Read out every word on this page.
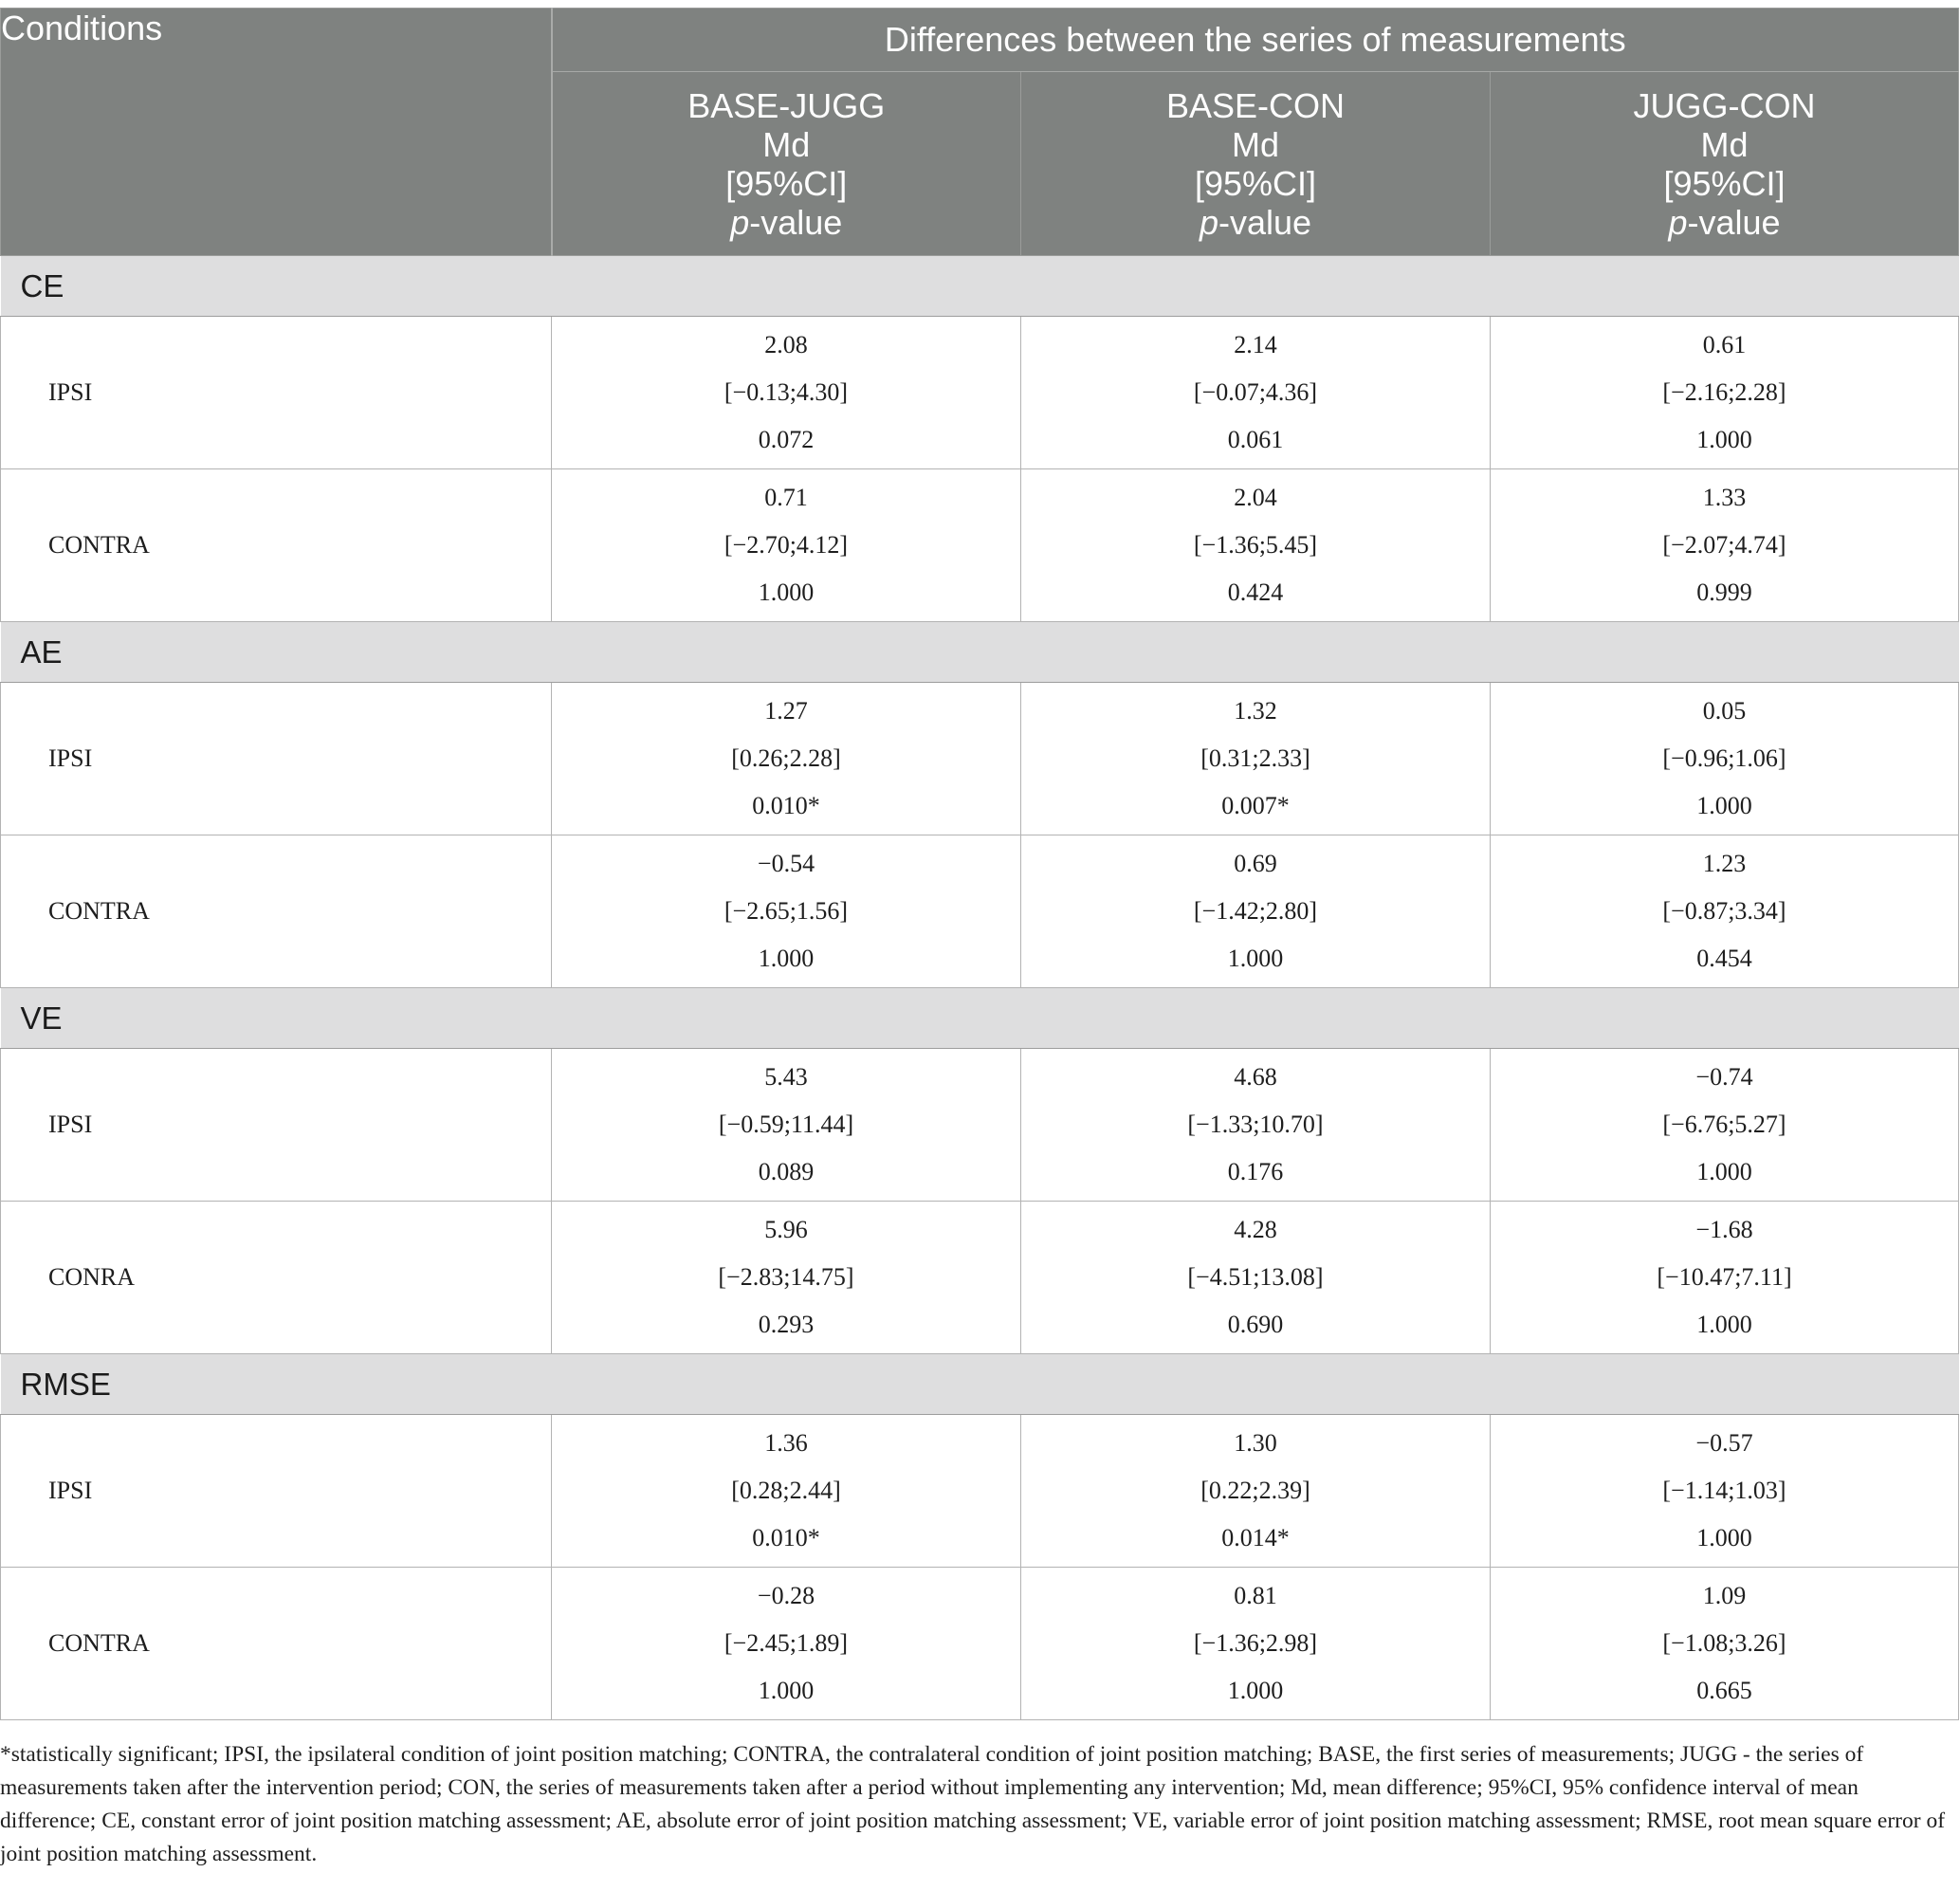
Conditions	Differences between the series of measurements		

	BASE-JUGG
Md
[95%CI]
p-value	BASE-CON
Md
[95%CI]
p-value	JUGG-CON
Md
[95%CI]
p-value

CE			
IPSI	2.08
[−0.13;4.30]
0.072	2.14
[−0.07;4.36]
0.061	0.61
[−2.16;2.28]
1.000

CONTRA	0.71
[−2.70;4.12]
1.000	2.04
[−1.36;5.45]
0.424	1.33
[−2.07;4.74]
0.999

AE			
IPSI	1.27
[0.26;2.28]
0.010*	1.32
[0.31;2.33]
0.007*	0.05
[−0.96;1.06]
1.000

CONTRA	−0.54
[−2.65;1.56]
1.000	0.69
[−1.42;2.80]
1.000	1.23
[−0.87;3.34]
0.454

VE			
IPSI	5.43
[−0.59;11.44]
0.089	4.68
[−1.33;10.70]
0.176	−0.74
[−6.76;5.27]
1.000

CONRA	5.96
[−2.83;14.75]
0.293	4.28
[−4.51;13.08]
0.690	−1.68
[−10.47;7.11]
1.000

RMSE			
IPSI	1.36
[0.28;2.44]
0.010*	1.30
[0.22;2.39]
0.014*	−0.57
[−1.14;1.03]
1.000

CONTRA	−0.28
[−2.45;1.89]
1.000	0.81
[−1.36;2.98]
1.000	1.09
[−1.08;3.26]
0.665
*statistically significant; IPSI, the ipsilateral condition of joint position matching; CONTRA, the contralateral condition of joint position matching; BASE, the first series of measurements; JUGG - the series of measurements taken after the intervention period; CON, the series of measurements taken after a period without implementing any intervention; Md, mean difference; 95%CI, 95% confidence interval of mean difference; CE, constant error of joint position matching assessment; AE, absolute error of joint position matching assessment; VE, variable error of joint position matching assessment; RMSE, root mean square error of joint position matching assessment.
